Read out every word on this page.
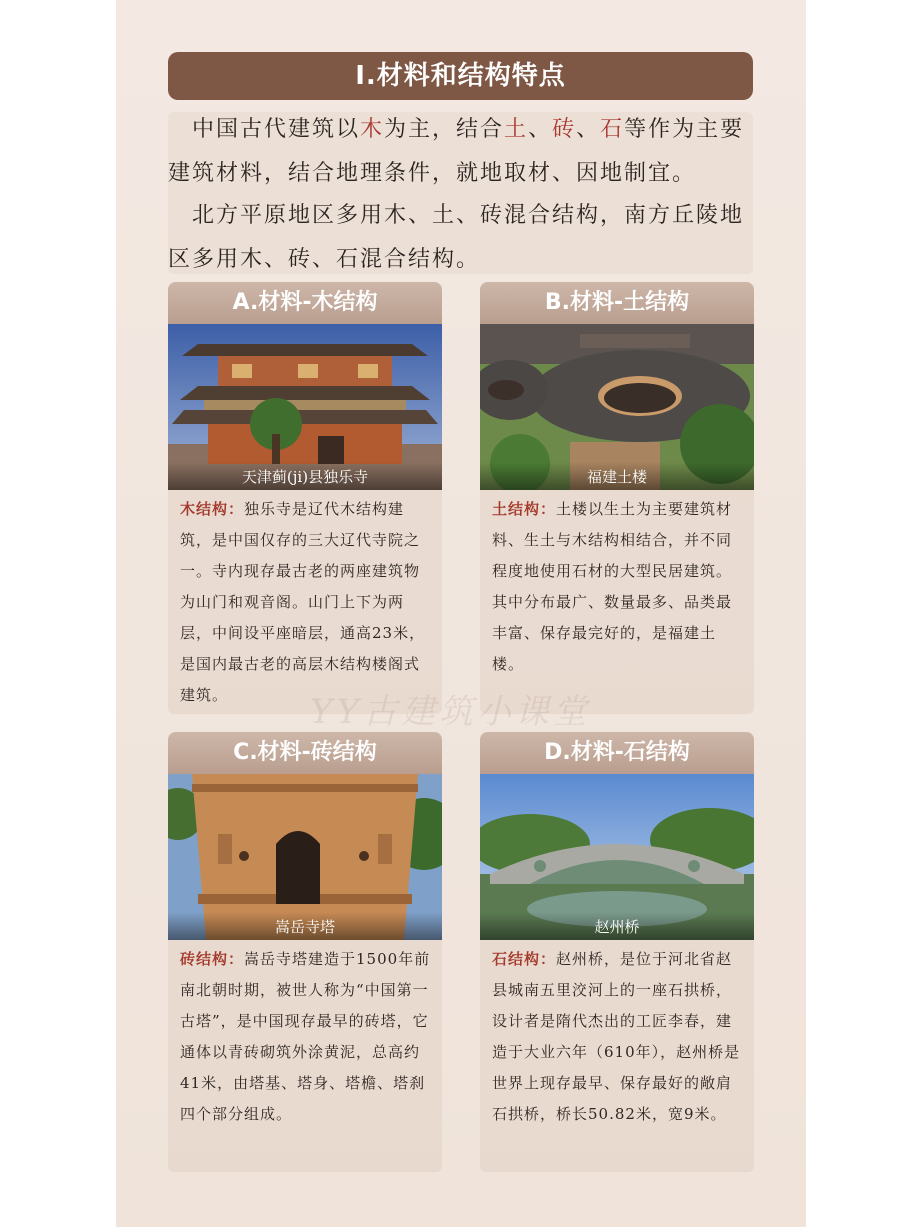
I.材料和结构特点
 中国古代建筑以木为主，结合土、砖、石等作为主要建筑材料，结合地理条件，就地取材、因地制宜。
 北方平原地区多用木、土、砖混合结构，南方丘陵地区多用木、砖、石混合结构。
A.材料-木结构
天津蓟(ji)县独乐寺
木结构：独乐寺是辽代木结构建筑，是中国仅存的三大辽代寺院之一。寺内现存最古老的两座建筑物为山门和观音阁。山门上下为两层，中间设平座暗层，通高23米，是国内最古老的高层木结构楼阁式建筑。
B.材料-土结构
福建土楼
土结构：土楼以生土为主要建筑材料、生土与木结构相结合，并不同程度地使用石材的大型民居建筑。其中分布最广、数量最多、品类最丰富、保存最完好的，是福建土楼。
C.材料-砖结构
嵩岳寺塔
砖结构：嵩岳寺塔建造于1500年前南北朝时期，被世人称为“中国第一古塔”，是中国现存最早的砖塔，它通体以青砖砌筑外涂黄泥，总高约41米，由塔基、塔身、塔檐、塔刹四个部分组成。
D.材料-石结构
赵州桥
石结构：赵州桥，是位于河北省赵县城南五里洨河上的一座石拱桥，设计者是隋代杰出的工匠李春，建造于大业六年（610年），赵州桥是世界上现存最早、保存最好的敞肩石拱桥，桥长50.82米，宽9米。
YY古建筑小课堂
